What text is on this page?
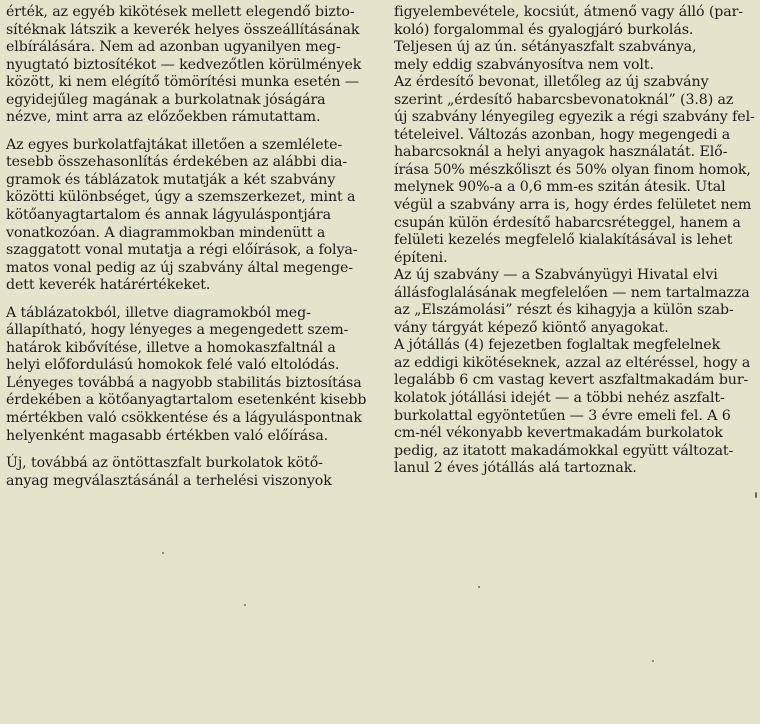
érték, az egyéb kikötések mellett elegendő bizto-
sítéknak látszik a keverék helyes összeállításának
elbírálására. Nem ad azonban ugyanilyen meg-
nyugtató biztosítékot — kedvezőtlen körülmények
között, ki nem elégítő tömörítési munka esetén —
egyidejűleg magának a burkolatnak jóságára
nézve, mint arra az előzőekben rámutattam.
Az egyes burkolatfajtákat illetően a szemlélete-
tesebb összehasonlítás érdekében az alábbi dia-
gramok és táblázatok mutatják a két szabvány
közötti különbséget, úgy a szemszerkezet, mint a
kötőanyagtartalom és annak lágyuláspontjára
vonatkozóan. A diagrammokban mindenütt a
szaggatott vonal mutatja a régi előírások, a folya-
matos vonal pedig az új szabvány által megenge-
dett keverék határértékeket.
A táblázatokból, illetve diagramokból meg-
állapítható, hogy lényeges a megengedett szem-
határok kibővítése, illetve a homokaszfaltnál a
helyi előfordulású homokok felé való eltolódás.
Lényeges továbbá a nagyobb stabilitás biztosítása
érdekében a kötőanyagtartalom esetenként kisebb
mértékben való csökkentése és a lágyuláspontnak
helyenként magasabb értékben való előírása.
Új, továbbá az öntöttaszfalt burkolatok kötő-
anyag megválasztásánál a terhelési viszonyok
figyelembevétele, kocsiút, átmenő vagy álló (par-
koló) forgalommal és gyalogjáró burkolás.
Teljesen új az ún. sétányaszfalt szabványa,
mely eddig szabványosítva nem volt.
Az érdesítő bevonat, illetőleg az új szabvány
szerint „érdesítő habarcsbevonatoknál” (3.8) az
új szabvány lényegileg egyezik a régi szabvány fel-
tételeivel. Változás azonban, hogy megengedi a
habarcsoknál a helyi anyagok használatát. Elő-
írása 50% mészkőliszt és 50% olyan finom homok,
melynek 90%-a a 0,6 mm-es szitán átesik. Utal
végül a szabvány arra is, hogy érdes felületet nem
csupán külön érdesítő habarcsréteggel, hanem a
felületi kezelés megfelelő kialakításával is lehet
építeni.
Az új szabvány — a Szabványügyi Hivatal elvi
állásfoglalásának megfelelően — nem tartalmazza
az „Elszámolási” részt és kihagyja a külön szab-
vány tárgyát képező kiöntő anyagokat.
A jótállás (4) fejezetben foglaltak megfelelnek
az eddigi kikötéseknek, azzal az eltéréssel, hogy a
legalább 6 cm vastag kevert aszfaltmakadám bur-
kolatok jótállási idejét — a többi nehéz aszfalt-
burkolattal egyöntetűen — 3 évre emeli fel. A 6
cm-nél vékonyabb kevertmakadám burkolatok
pedig, az itatott makadámokkal együtt változat-
lanul 2 éves jótállás alá tartoznak.
